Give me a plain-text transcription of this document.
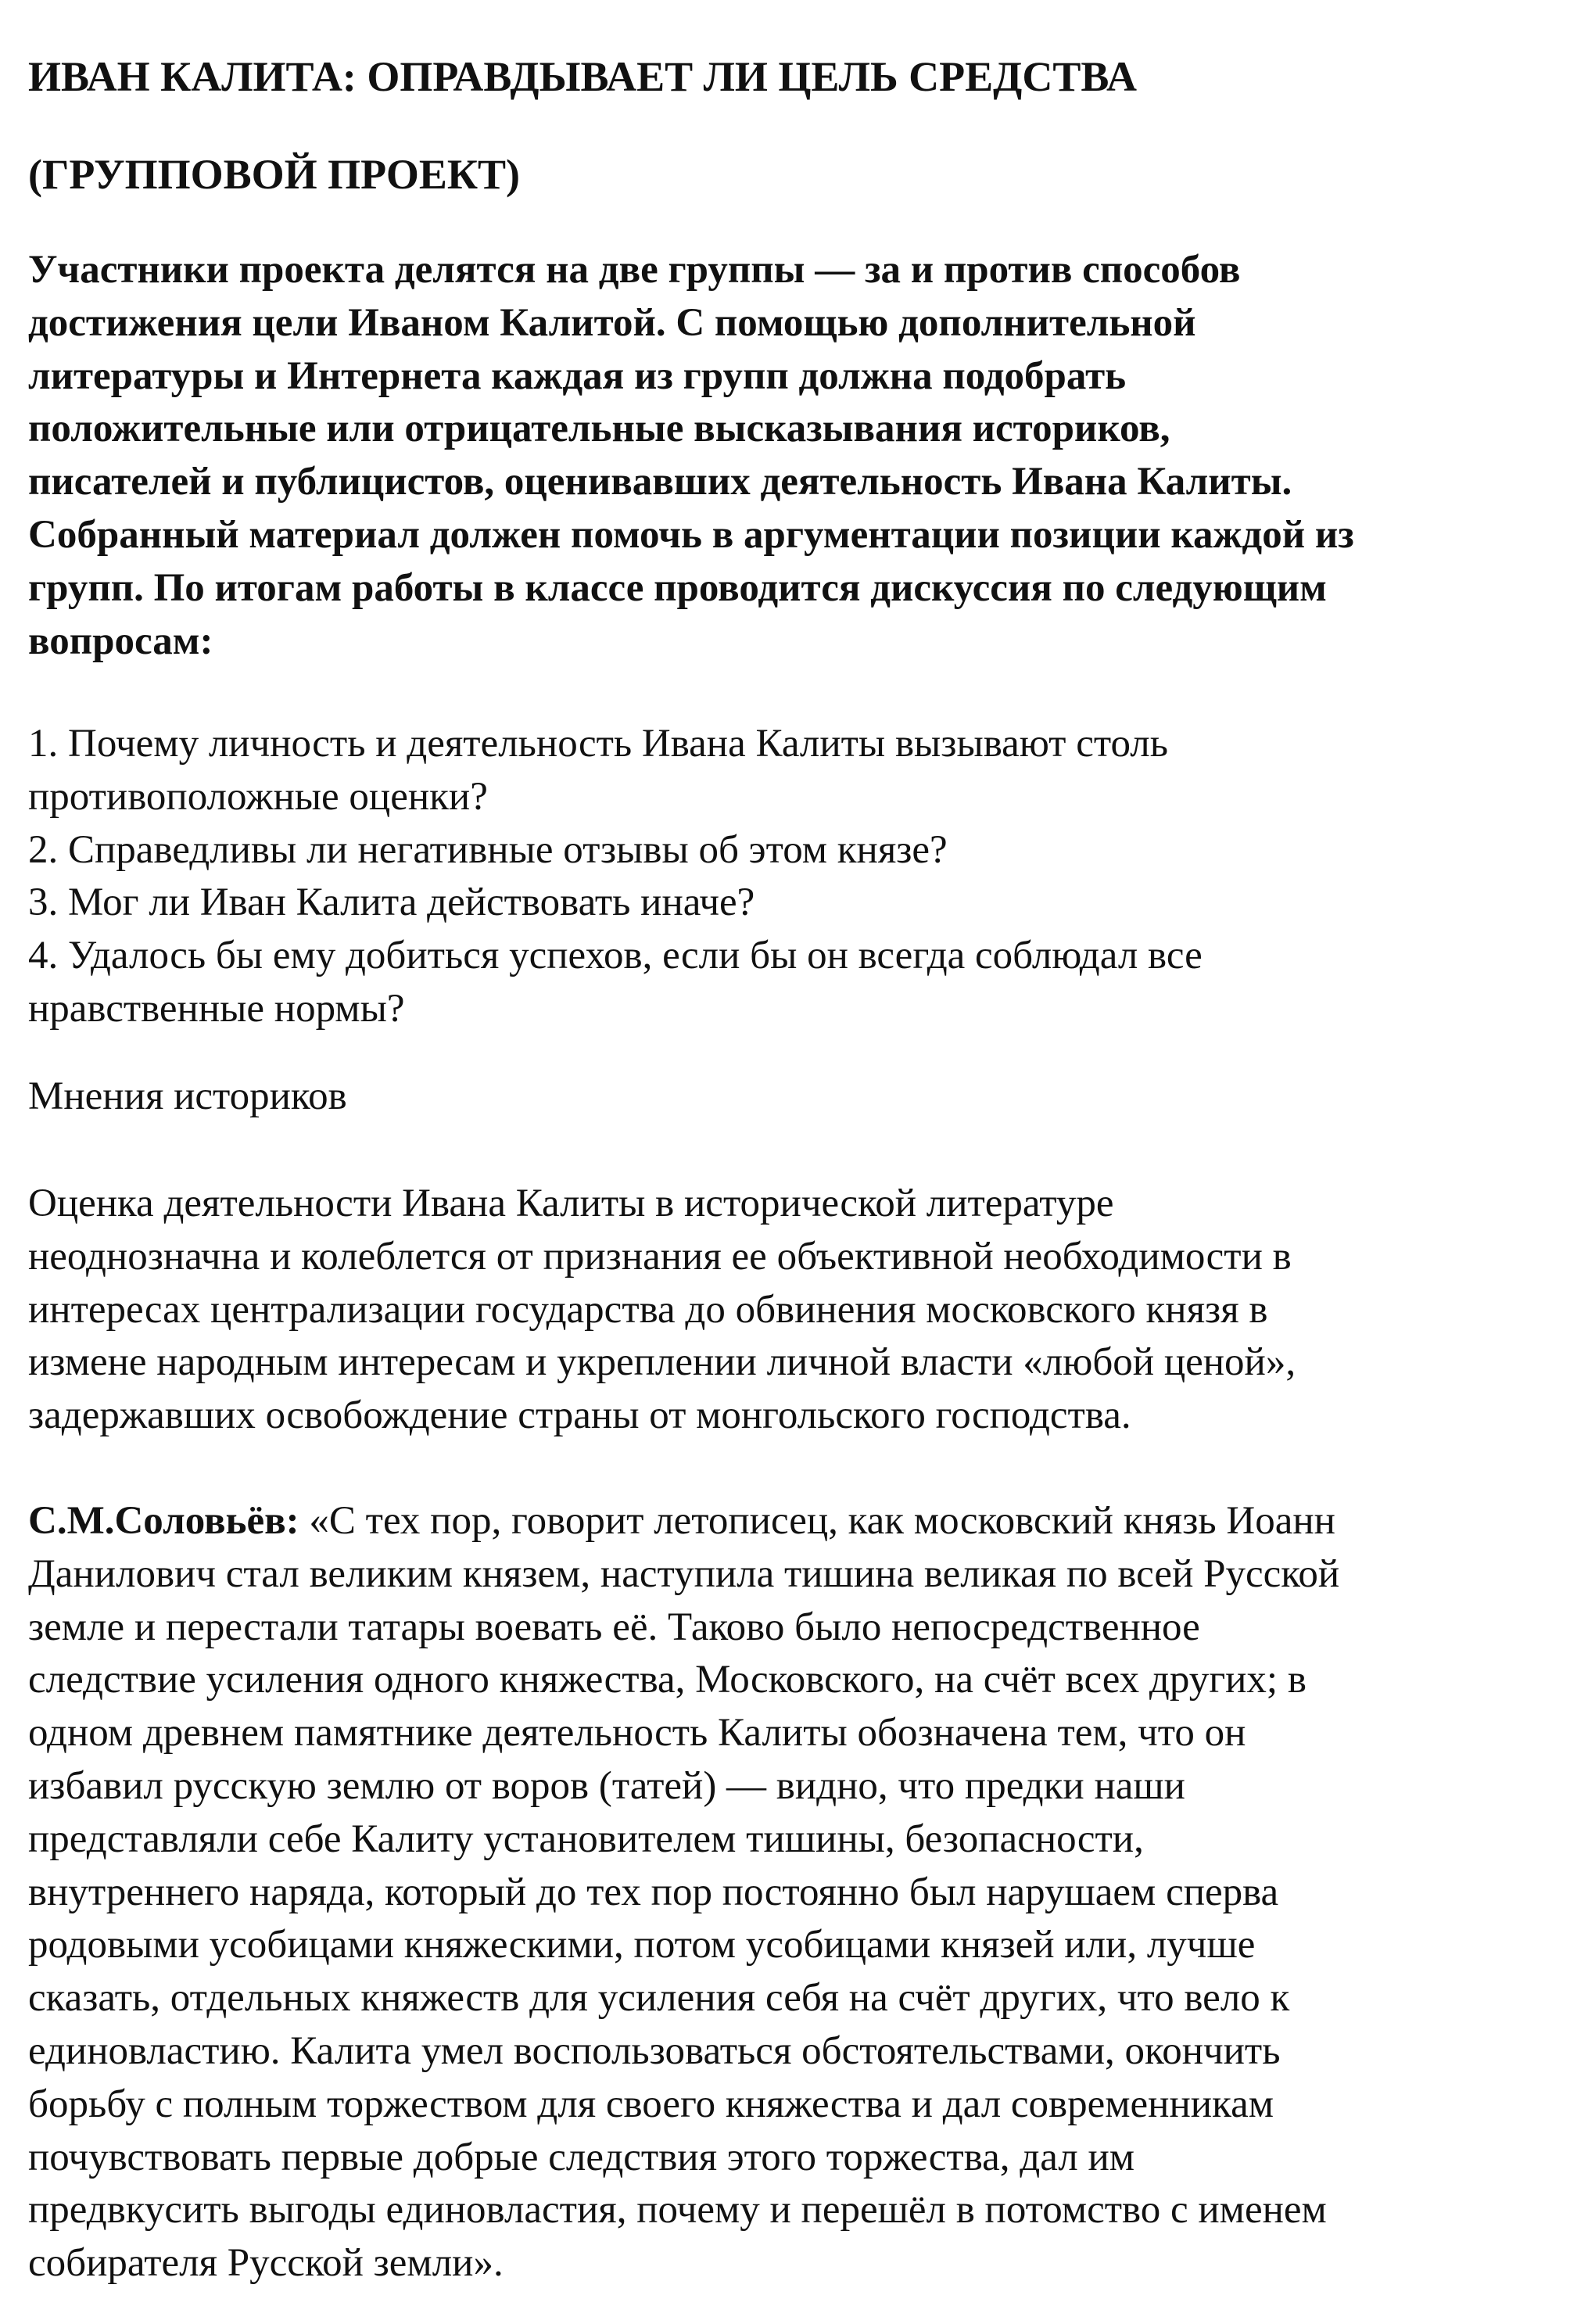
ИВАН КАЛИТА: ОПРАВДЫВАЕТ ЛИ ЦЕЛЬ СРЕДСТВА
(ГРУППОВОЙ ПРОЕКТ)

Участники проекта делятся на две группы — за и против способов
достижения цели Иваном Калитой. С помощью дополнительной
литературы и Интернета каждая из групп должна подобрать
положительные или отрицательные высказывания историков,
писателей и публицистов, оценивавших деятельность Ивана Калиты.
Собранный материал должен помочь в аргументации позиции каждой из
групп. По итогам работы в классе проводится дискуссия по следующим
вопросам:

1. Почему личность и деятельность Ивана Калиты вызывают столь
противоположные оценки?
2. Справедливы ли негативные отзывы об этом князе?
3. Мог ли Иван Калита действовать иначе?
4. Удалось бы ему добиться успехов, если бы он всегда соблюдал все
нравственные нормы?

Мнения историков

Оценка деятельности Ивана Калиты в исторической литературе
неоднозначна и колеблется от признания ее объективной необходимости в
интересах централизации государства до обвинения московского князя в
измене народным интересам и укреплении личной власти «любой ценой»,
задержавших освобождение страны от монгольского господства.

С.М.Соловьёв: «С тех пор, говорит летописец, как московский князь Иоанн
Данилович стал великим князем, наступила тишина великая по всей Русской
земле и перестали татары воевать её. Таково было непосредственное
следствие усиления одного княжества, Московского, на счёт всех других; в
одном древнем памятнике деятельность Калиты обозначена тем, что он
избавил русскую землю от воров (татей) — видно, что предки наши
представляли себе Калиту установителем тишины, безопасности,
внутреннего наряда, который до тех пор постоянно был нарушаем сперва
родовыми усобицами княжескими, потом усобицами князей или, лучше
сказать, отдельных княжеств для усиления себя на счёт других, что вело к
единовластию. Калита умел воспользоваться обстоятельствами, окончить
борьбу с полным торжеством для своего княжества и дал современникам
почувствовать первые добрые следствия этого торжества, дал им
предвкусить выгоды единовластия, почему и перешёл в потомство с именем
собирателя Русской земли».
